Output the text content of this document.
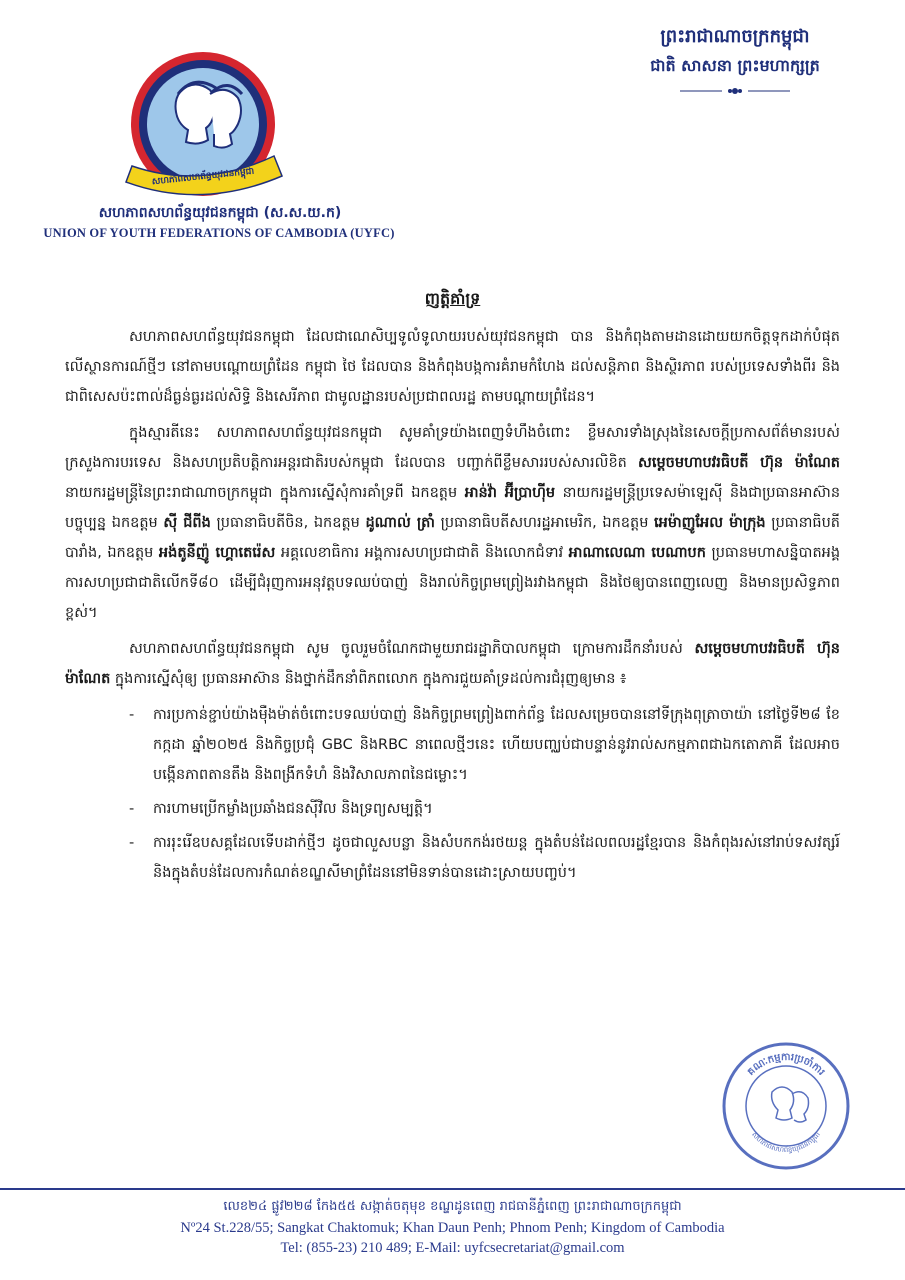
សហភាពសហព័ន្ធយុវជនកម្ពុជា
សហភាពសហព័ន្ធយុវជនកម្ពុជា (ស.ស.យ.ក)
UNION OF YOUTH FEDERATIONS OF CAMBODIA (UYFC)
ព្រះរាជាណាចក្រកម្ពុជា
ជាតិ សាសនា ព្រះមហាក្សត្រ
ញត្តិគាំទ្រ

សហភាពសហព័ន្ធយុវជនកម្ពុជា ដែលជាណេសិប្បទូលំទូលាយរបស់យុវជនកម្ពុជា បាន និងកំពុងតាមដានដោយយកចិត្តទុកដាក់បំផុត លើស្ថានការណ៍ថ្មីៗ នៅតាមបណ្តោយព្រំដែន កម្ពុជា ថៃ ដែលបាន និងកំពុងបង្កការគំរាមកំហែង ដល់សន្តិភាព និងស្ថិរភាព របស់ប្រទេសទាំងពីរ និងជាពិសេសប៉ះពាល់ដ៏ធ្ងន់ធ្ងរដល់សិទ្ធិ និងសេរីភាព ជាមូលដ្ឋានរបស់ប្រជាពលរដ្ឋ តាមបណ្តាយព្រំដែន។

ក្នុងស្មារតីនេះ សហភាពសហព័ន្ធយុវជនកម្ពុជា សូមគាំទ្រយ៉ាងពេញទំហឹងចំពោះ ខ្លឹមសារទាំងស្រុងនៃសេចក្តីប្រកាសព័ត៌មានរបស់ក្រសួងការបរទេស និងសហប្រតិបត្តិការអន្តរជាតិរបស់កម្ពុជា ដែលបាន បញ្ជាក់ពីខ្លឹមសាររបស់សារលិខិត សម្តេចមហាបវរធិបតី ហ៊ុន ម៉ាណែត នាយករដ្ឋមន្ត្រីនៃព្រះរាជាណាចក្រកម្ពុជា ក្នុងការស្នើសុំការគាំទ្រពី ឯកឧត្តម អាន់វ៉ា អ៊ីប្រាហ៊ីម នាយករដ្ឋមន្ត្រីប្រទេសម៉ាឡេស៊ី និងជាប្រធានអាស៊ានបច្ចុប្បន្ន ឯកឧត្តម ស៊ី ជីពីង ប្រធានាធិបតីចិន, ឯកឧត្តម ដូណាល់ ត្រាំ ប្រធានាធិបតីសហរដ្ឋអាមេរិក, ឯកឧត្តម អេម៉ាញូអែល ម៉ាក្រុង ប្រធានាធិបតីបារាំង, ឯកឧត្តម អង់តូនីញ៉ូ ហ្គោតេរ៉េស អគ្គលេខាធិការ អង្គការសហប្រជាជាតិ និងលោកជំទាវ អាណាលេណា បេណាបក ប្រធានមហាសន្និបាតអង្គការសហប្រជាជាតិលើកទី៨០ ដើម្បីជំរុញការអនុវត្តបទឈប់បាញ់ និងរាល់កិច្ចព្រមព្រៀងរវាងកម្ពុជា និងថៃឲ្យបានពេញលេញ និងមានប្រសិទ្ធភាពខ្ពស់។

សហភាពសហព័ន្ធយុវជនកម្ពុជា សូម ចូលរួមចំណែកជាមួយរាជរដ្ឋាភិបាលកម្ពុជា ក្រោមការដឹកនាំរបស់ សម្តេចមហាបវរធិបតី ហ៊ុន ម៉ាណែត ក្នុងការស្នើសុំឲ្យ ប្រធានអាស៊ាន និងថ្នាក់ដឹកនាំពិភពលោក ក្នុងការជួយគាំទ្រដល់ការជំរុញឲ្យមាន ៖

- ការប្រកាន់ខ្ជាប់យ៉ាងម៉ឺងម៉ាត់ចំពោះបទឈប់បាញ់ និងកិច្ចព្រមព្រៀងពាក់ព័ន្ធ ដែលសម្រេចបាននៅទីក្រុងពុត្រាចាយ៉ា នៅថ្ងៃទី២៨ ខែកក្កដា ឆ្នាំ២០២៥ និងកិច្ចប្រជុំ GBC និងRBC នាពេលថ្មីៗនេះ ហើយបញ្ឈប់ជាបន្ទាន់នូវរាល់សកម្មភាពជាឯកតោភាគី ដែលអាចបង្កើនភាពតានតឹង និងពង្រីកទំហំ និងវិសាលភាពនៃជម្លោះ។
- ការហាមប្រើកម្លាំងប្រឆាំងជនស៊ីវិល និងទ្រព្យសម្បត្តិ។
- ការរុះរើឧបសគ្គដែលទើបដាក់ថ្មីៗ ដូចជាលួសបន្លា និងសំបកកង់រថយន្ត ក្នុងតំបន់ដែលពលរដ្ឋខ្មែរបាន និងកំពុងរស់នៅរាប់ទសវត្សរ៍ និងក្នុងតំបន់ដែលការកំណត់ខណ្ឌសីមាព្រំដែននៅមិនទាន់បានដោះស្រាយបញ្ចប់។
គណៈកម្មការប្រចាំការ
សហភាពសហព័ន្ធយុវជនកម្ពុជា
លេខ២៤ ផ្លូវ២២៨ កែង៥៥ សង្កាត់ចតុមុខ ខណ្ឌដូនពេញ រាជធានីភ្នំពេញ ព្រះរាជាណាចក្រកម្ពុជា
Nº24 St.228/55; Sangkat Chaktomuk; Khan Daun Penh; Phnom Penh; Kingdom of Cambodia
Tel: (855-23) 210 489; E-Mail: uyfcsecretariat@gmail.com
